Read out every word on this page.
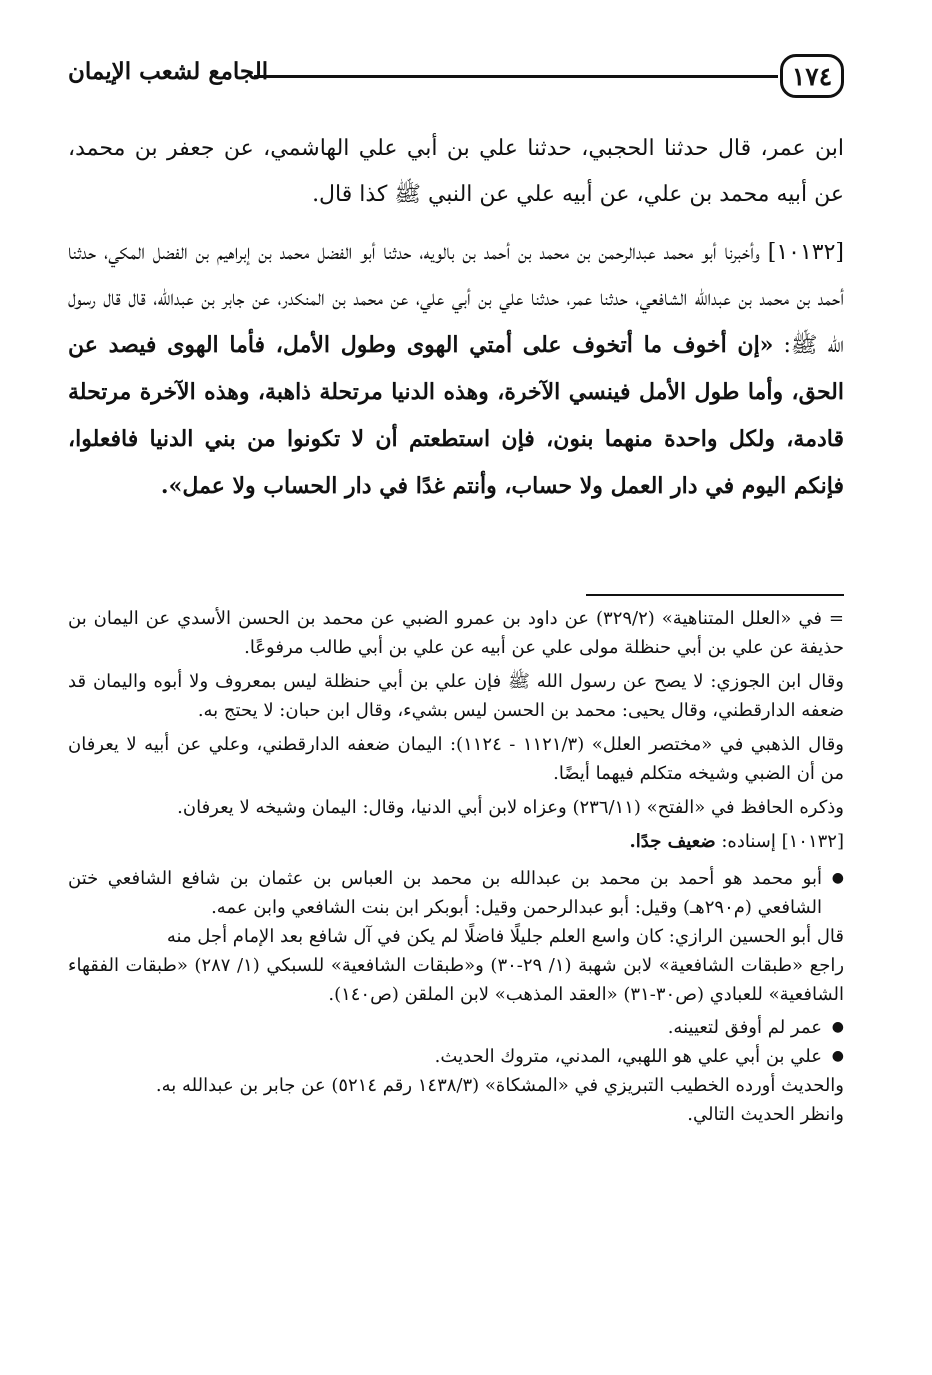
١٧٤
الجامع لشعب الإيمان

ابن عمر، قال حدثنا الحجبي، حدثنا علي بن أبي علي الهاشمي، عن جعفر بن محمد، عن أبيه محمد بن علي، عن أبيه علي عن النبي ﷺ كذا قال.

[١٠١٣٢] وأخبرنا أبو محمد عبدالرحمن بن محمد بن أحمد بن بالويه، حدثنا أبو الفضل محمد بن إبراهيم بن الفضل المكي، حدثنا أحمد بن محمد بن عبدالله الشافعي، حدثنا عمر، حدثنا علي بن أبي علي، عن محمد بن المنكدر، عن جابر بن عبدالله، قال قال رسول الله ﷺ: «إن أخوف ما أتخوف على أمتي الهوى وطول الأمل، فأما الهوى فيصد عن الحق، وأما طول الأمل فينسي الآخرة، وهذه الدنيا مرتحلة ذاهبة، وهذه الآخرة مرتحلة قادمة، ولكل واحدة منهما بنون، فإن استطعتم أن لا تكونوا من بني الدنيا فافعلوا، فإنكم اليوم في دار العمل ولا حساب، وأنتم غدًا في دار الحساب ولا عمل».

= في «العلل المتناهية» (٣٢٩/٢) عن داود بن عمرو الضبي عن محمد بن الحسن الأسدي عن اليمان بن حذيفة عن علي بن أبي حنظلة مولى علي عن أبيه عن علي بن أبي طالب مرفوعًا.

وقال ابن الجوزي: لا يصح عن رسول الله ﷺ فإن علي بن أبي حنظلة ليس بمعروف ولا أبوه واليمان قد ضعفه الدارقطني، وقال يحيى: محمد بن الحسن ليس بشيء، وقال ابن حبان: لا يحتج به.

وقال الذهبي في «مختصر العلل» (١١٢١/٣ - ١١٢٤): اليمان ضعفه الدارقطني، وعلي عن أبيه لا يعرفان من أن الضبي وشيخه متكلم فيهما أيضًا.

وذكره الحافظ في «الفتح» (٢٣٦/١١) وعزاه لابن أبي الدنيا، وقال: اليمان وشيخه لا يعرفان.

[١٠١٣٢] إسناده: ضعيف جدًا.

●
أبو محمد هو أحمد بن محمد بن عبدالله بن محمد بن العباس بن عثمان بن شافع الشافعي ختن الشافعي (م٢٩٠هـ) وقيل: أبو عبدالرحمن وقيل: أبوبكر ابن بنت الشافعي وابن عمه.

قال أبو الحسين الرازي: كان واسع العلم جليلًا فاضلًا لم يكن في آل شافع بعد الإمام أجل منه

راجع «طبقات الشافعية» لابن شهبة (١/ ٢٩-٣٠) و«طبقات الشافعية» للسبكي (١/ ٢٨٧) «طبقات الفقهاء الشافعية» للعبادي (ص٣٠-٣١) «العقد المذهب» لابن الملقن (ص١٤٠).

●
عمر لم أوفق لتعيينه.
●
علي بن أبي علي هو اللهبي، المدني، متروك الحديث.

والحديث أورده الخطيب التبريزي في «المشكاة» (١٤٣٨/٣ رقم ٥٢١٤) عن جابر بن عبدالله به.

وانظر الحديث التالي.
